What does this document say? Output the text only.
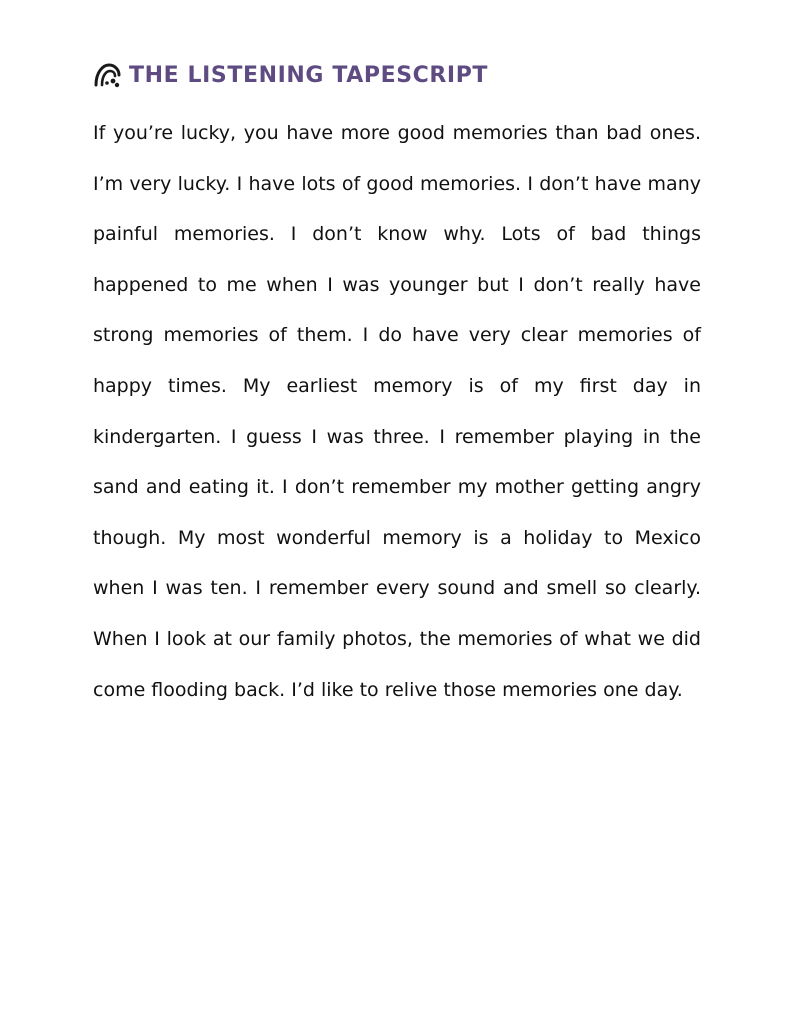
THE LISTENING TAPESCRIPT

If you’re lucky, you have more good memories than bad ones. I’m very lucky. I have lots of good memories. I don’t have many painful memories. I don’t know why. Lots of bad things happened to me when I was younger but I don’t really have strong memories of them. I do have very clear memories of happy times. My earliest memory is of my first day in kindergarten. I guess I was three. I remember playing in the sand and eating it. I don’t remember my mother getting angry though. My most wonderful memory is a holiday to Mexico when I was ten. I remember every sound and smell so clearly. When I look at our family photos, the memories of what we did come flooding back. I’d like to relive those memories one day.
